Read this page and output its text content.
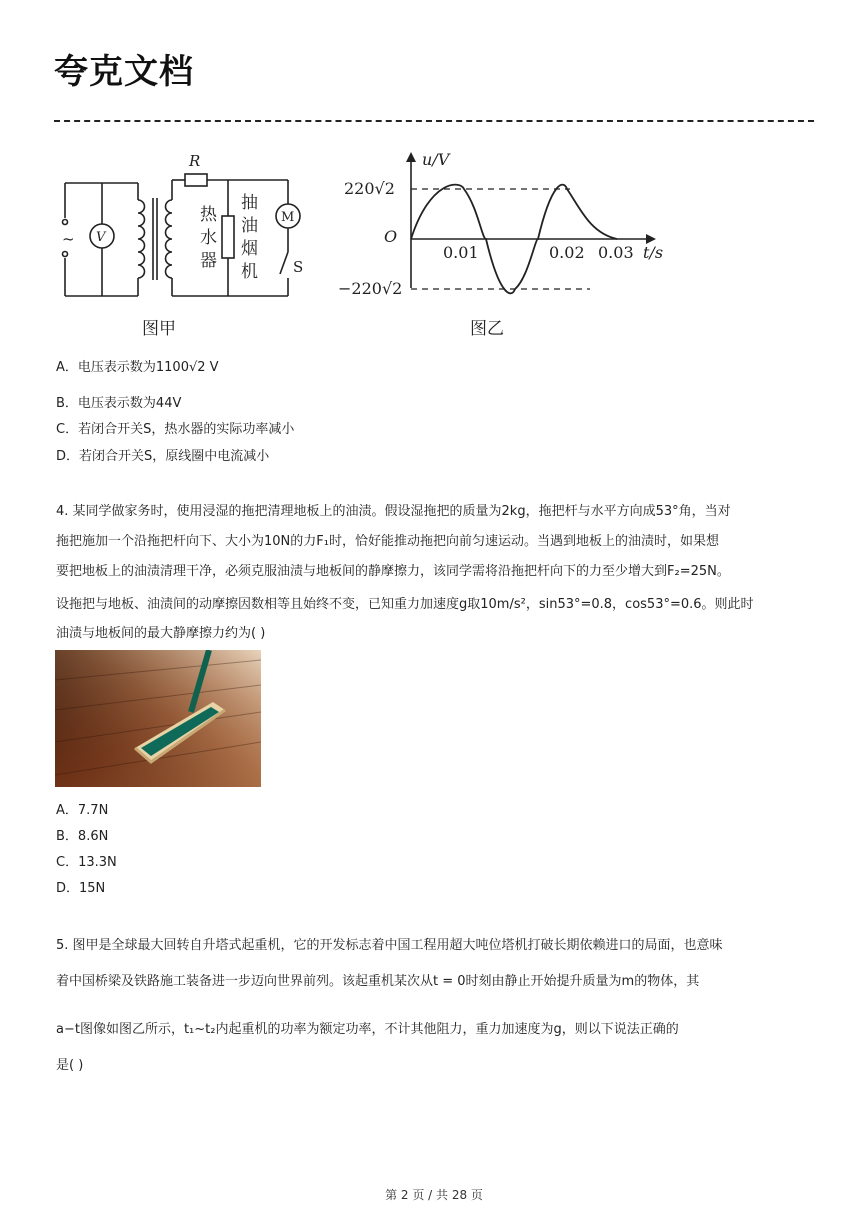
夸克文档
~ V
R
M
S
热
水
器
抽
油
烟
机
u/V
220√2
O
−220√2
0.01	0.02 0.03 t/s
图甲	图乙
A．电压表示数为1100√2 V
B．电压表示数为44V
C．若闭合开关S，热水器的实际功率减小
D．若闭合开关S，原线圈中电流减小
4. 某同学做家务时，使用浸湿的拖把清理地板上的油渍。假设湿拖把的质量为2kg，拖把杆与水平方向成53°角，当对
拖把施加一个沿拖把杆向下、大小为10N的力F₁时，恰好能推动拖把向前匀速运动。当遇到地板上的油渍时，如果想
要把地板上的油渍清理干净，必须克服油渍与地板间的静摩擦力，该同学需将沿拖把杆向下的力至少增大到F₂=25N。
设拖把与地板、油渍间的动摩擦因数相等且始终不变，已知重力加速度g取10m/s²，sin53°=0.8，cos53°=0.6。则此时
油渍与地板间的最大静摩擦力约为( )
A．7.7N
B．8.6N
C．13.3N
D．15N
5. 图甲是全球最大回转自升塔式起重机，它的开发标志着中国工程用超大吨位塔机打破长期依赖进口的局面，也意味
着中国桥梁及铁路施工装备进一步迈向世界前列。该起重机某次从t = 0时刻由静止开始提升质量为m的物体，其
a−t图像如图乙所示，t₁~t₂内起重机的功率为额定功率，不计其他阻力，重力加速度为g，则以下说法正确的
是( )
第 2 页 / 共 28 页
